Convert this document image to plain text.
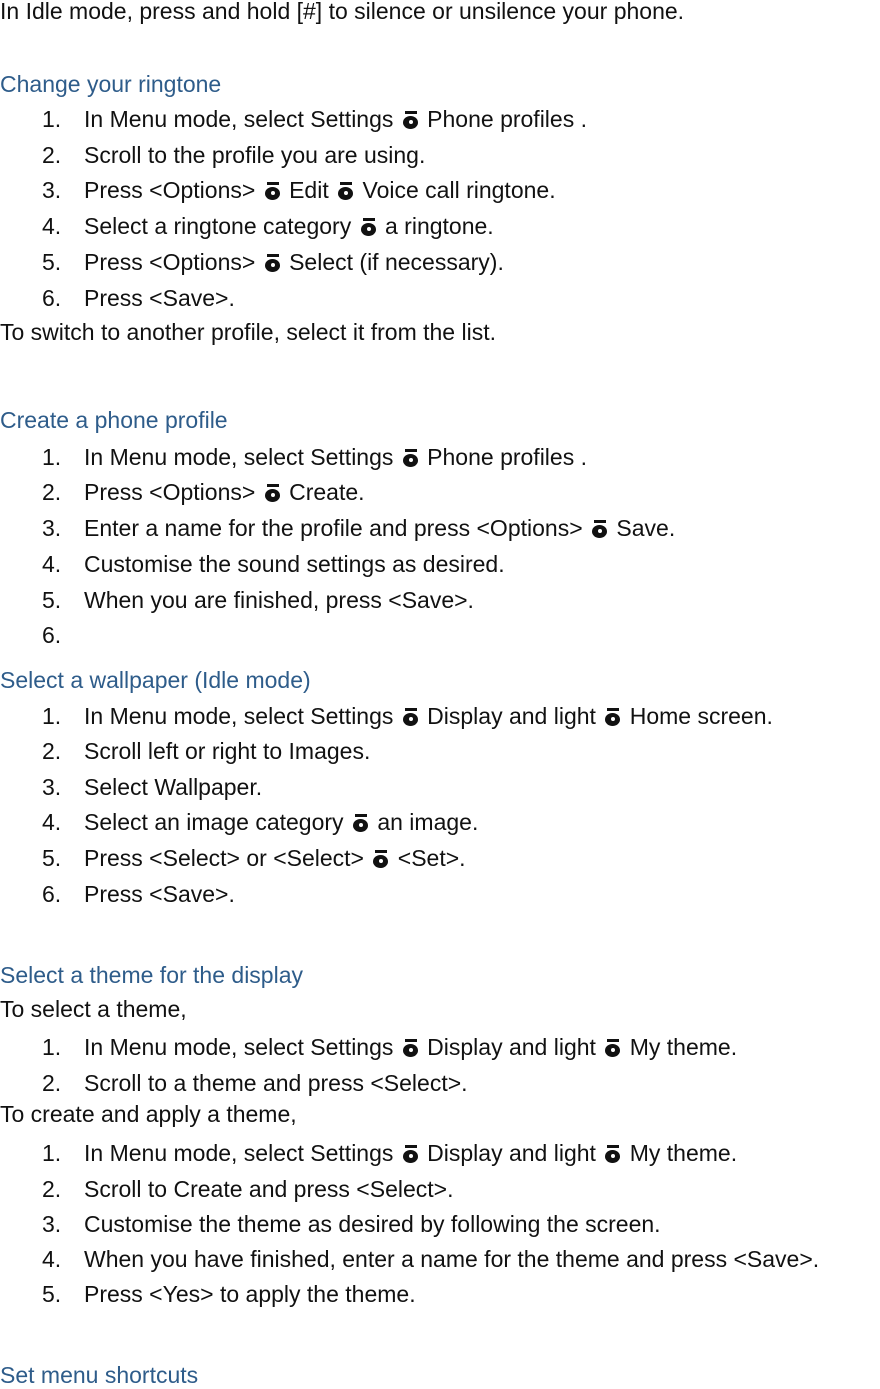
In Idle mode, press and hold [#] to silence or unsilence your phone.
Change your ringtone
1. In Menu mode, select Settings Phone profiles .
2. Scroll to the profile you are using.
3. Press <Options> Edit Voice call ringtone.
4. Select a ringtone category a ringtone.
5. Press <Options> Select (if necessary).
6. Press <Save>.
To switch to another profile, select it from the list.
Create a phone profile
1. In Menu mode, select Settings Phone profiles .
2. Press <Options> Create.
3. Enter a name for the profile and press <Options> Save.
4. Customise the sound settings as desired.
5. When you are finished, press <Save>.
6.
Select a wallpaper (Idle mode)
1. In Menu mode, select Settings Display and light Home screen.
2. Scroll left or right to Images.
3. Select Wallpaper.
4. Select an image category an image.
5. Press <Select> or <Select> <Set>.
6. Press <Save>.
Select a theme for the display
To select a theme,
1. In Menu mode, select Settings Display and light My theme.
2. Scroll to a theme and press <Select>.
To create and apply a theme,
1. In Menu mode, select Settings Display and light My theme.
2. Scroll to Create and press <Select>.
3. Customise the theme as desired by following the screen.
4. When you have finished, enter a name for the theme and press <Save>.
5. Press <Yes> to apply the theme.
Set menu shortcuts
